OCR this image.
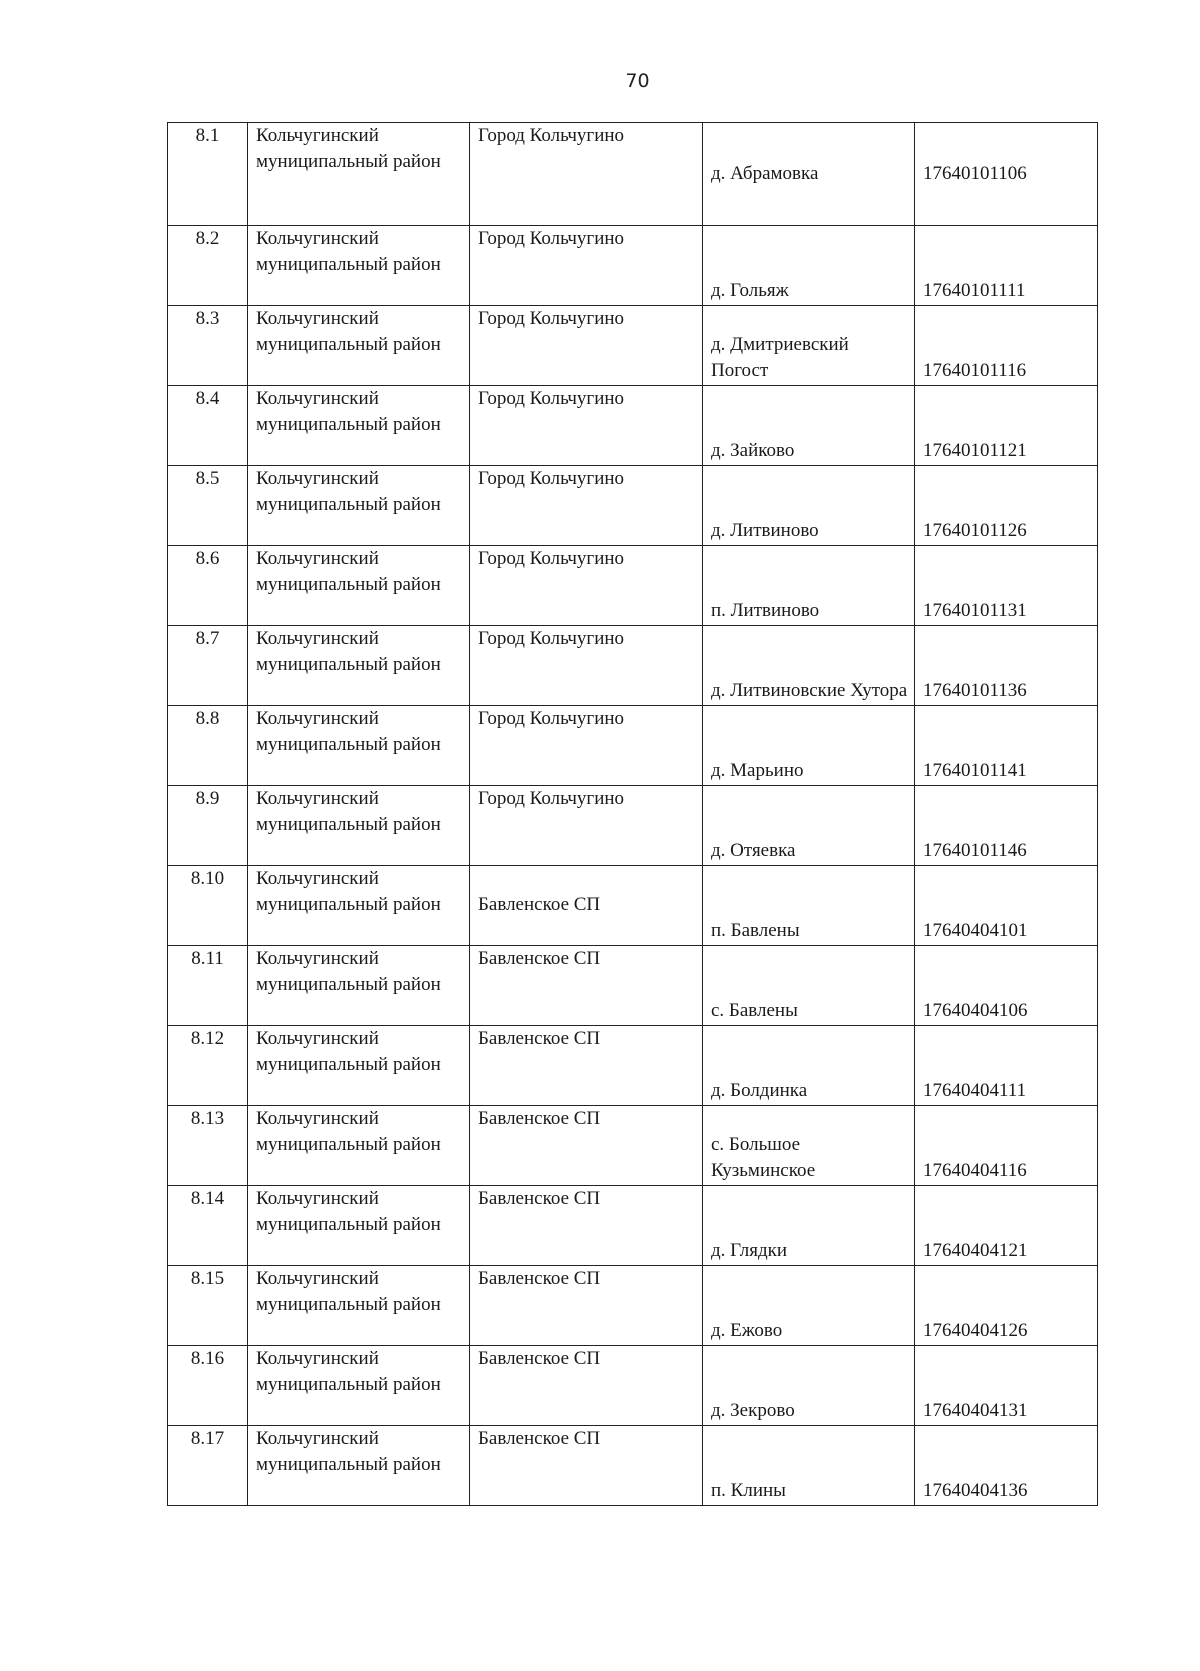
70
8.1	Кольчугинский муниципальный район	Город Кольчугино	д. Абрамовка	17640101106
8.2	Кольчугинский муниципальный район	Город Кольчугино	д. Гольяж	17640101111
8.3	Кольчугинский муниципальный район	Город Кольчугино	д. Дмитриевский Погост	17640101116
8.4	Кольчугинский муниципальный район	Город Кольчугино	д. Зайково	17640101121
8.5	Кольчугинский муниципальный район	Город Кольчугино	д. Литвиново	17640101126
8.6	Кольчугинский муниципальный район	Город Кольчугино	п. Литвиново	17640101131
8.7	Кольчугинский муниципальный район	Город Кольчугино	д. Литвиновские Хутора	17640101136
8.8	Кольчугинский муниципальный район	Город Кольчугино	д. Марьино	17640101141
8.9	Кольчугинский муниципальный район	Город Кольчугино	д. Отяевка	17640101146
8.10	Кольчугинский муниципальный район	Бавленское СП	п. Бавлены	17640404101
8.11	Кольчугинский муниципальный район	Бавленское СП	с. Бавлены	17640404106
8.12	Кольчугинский муниципальный район	Бавленское СП	д. Болдинка	17640404111
8.13	Кольчугинский муниципальный район	Бавленское СП	с. Большое Кузьминское	17640404116
8.14	Кольчугинский муниципальный район	Бавленское СП	д. Глядки	17640404121
8.15	Кольчугинский муниципальный район	Бавленское СП	д. Ежово	17640404126
8.16	Кольчугинский муниципальный район	Бавленское СП	д. Зекрово	17640404131
8.17	Кольчугинский муниципальный район	Бавленское СП	п. Клины	17640404136
